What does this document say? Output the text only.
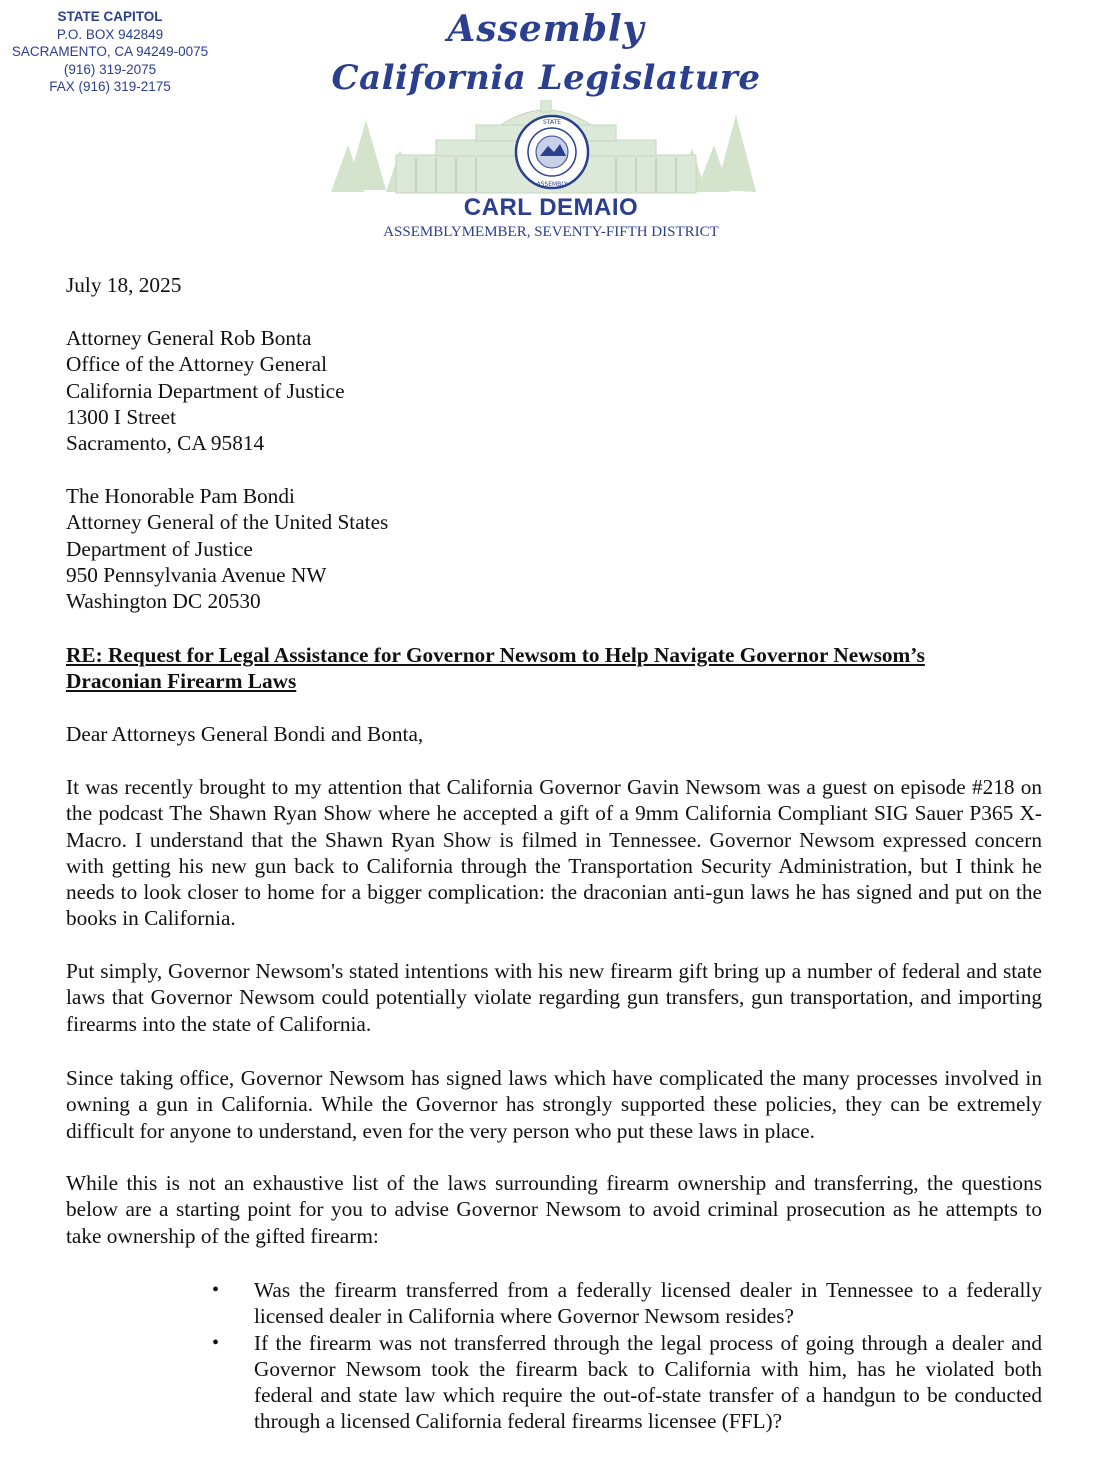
STATE CAPITOL
P.O. BOX 942849
SACRAMENTO, CA 94249-0075
(916) 319-2075
FAX (916) 319-2175
Assembly
California Legislature
STATE
ASSEMBLY
CARL DEMAIO
ASSEMBLYMEMBER, SEVENTY-FIFTH DISTRICT
July 18, 2025
Attorney General Rob Bonta
Office of the Attorney General
California Department of Justice
1300 I Street
Sacramento, CA 95814
The Honorable Pam Bondi
Attorney General of the United States
Department of Justice
950 Pennsylvania Avenue NW
Washington DC 20530
RE: Request for Legal Assistance for Governor Newsom to Help Navigate Governor Newsom’s
Draconian Firearm Laws
Dear Attorneys General Bondi and Bonta,
It was recently brought to my attention that California Governor Gavin Newsom was a guest on episode #218 on the podcast The Shawn Ryan Show where he accepted a gift of a 9mm California Compliant SIG Sauer P365 X-Macro. I understand that the Shawn Ryan Show is filmed in Tennessee. Governor Newsom expressed concern with getting his new gun back to California through the Transportation Security Administration, but I think he needs to look closer to home for a bigger complication: the draconian anti-gun laws he has signed and put on the books in California.
Put simply, Governor Newsom's stated intentions with his new firearm gift bring up a number of federal and state laws that Governor Newsom could potentially violate regarding gun transfers, gun transportation, and importing firearms into the state of California.
Since taking office, Governor Newsom has signed laws which have complicated the many processes involved in owning a gun in California. While the Governor has strongly supported these policies, they can be extremely difficult for anyone to understand, even for the very person who put these laws in place.
While this is not an exhaustive list of the laws surrounding firearm ownership and transferring, the questions below are a starting point for you to advise Governor Newsom to avoid criminal prosecution as he attempts to take ownership of the gifted firearm:
• Was the firearm transferred from a federally licensed dealer in Tennessee to a federally licensed dealer in California where Governor Newsom resides?
• If the firearm was not transferred through the legal process of going through a dealer and Governor Newsom took the firearm back to California with him, has he violated both federal and state law which require the out-of-state transfer of a handgun to be conducted through a licensed California federal firearms licensee (FFL)?
